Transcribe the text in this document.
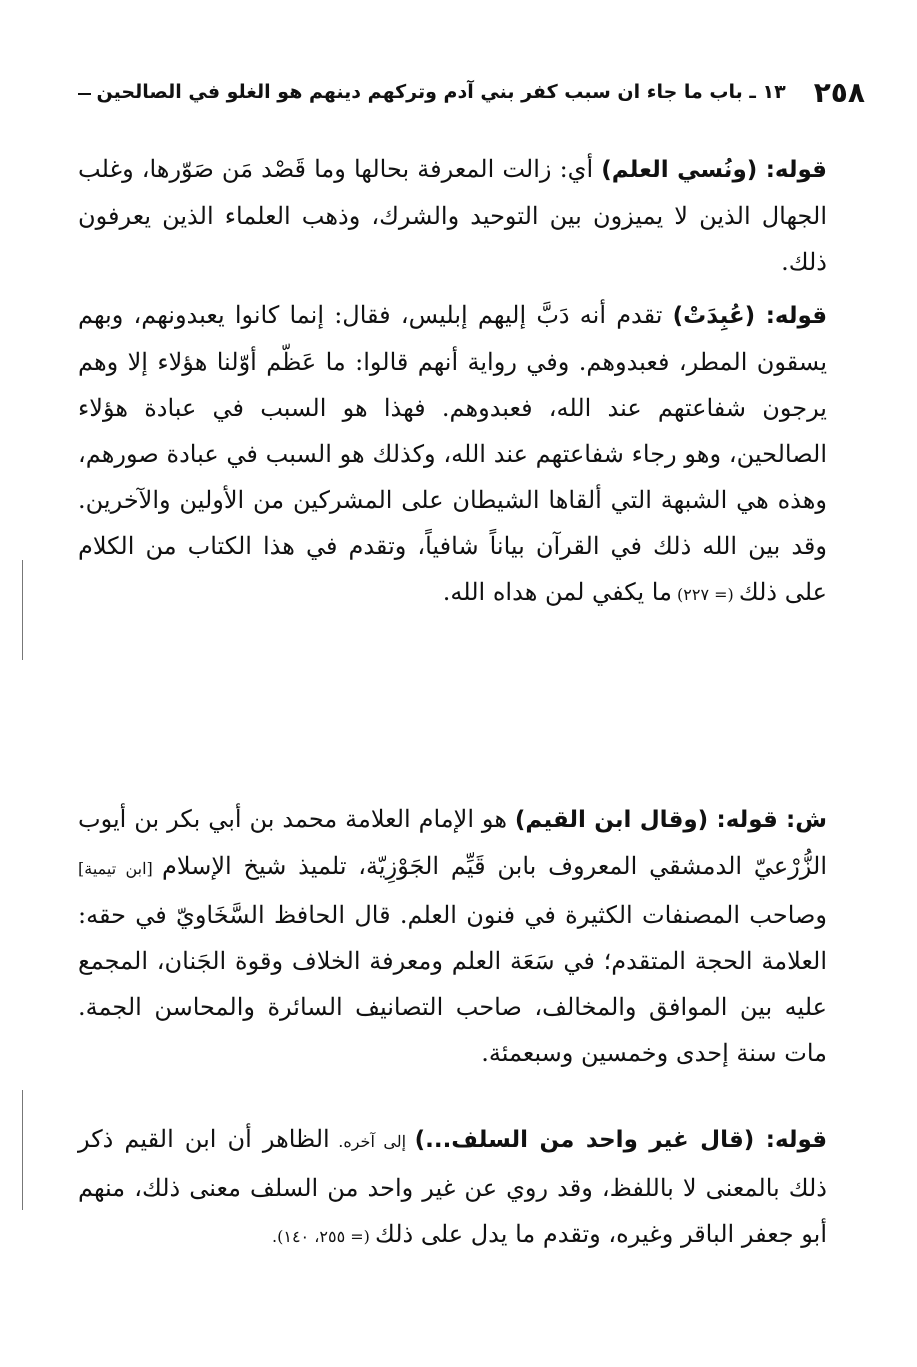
٢٥٨
١٣ ـ باب ما جاء ان سبب كفر بني آدم وتركهم دينهم هو الغلو في الصالحين

قوله: (ونُسي العلم) أي: زالت المعرفة بحالها وما قَصْد مَن صَوّرها، وغلب الجهال الذين لا يميزون بين التوحيد والشرك، وذهب العلماء الذين يعرفون ذلك.

قوله: (عُبِدَتْ) تقدم أنه دَبَّ إليهم إبليس، فقال: إنما كانوا يعبدونهم، وبهم يسقون المطر، فعبدوهم. وفي رواية أنهم قالوا: ما عَظّم أوّلنا هؤلاء إلا وهم يرجون شفاعتهم عند الله، فعبدوهم. فهذا هو السبب في عبادة هؤلاء الصالحين، وهو رجاء شفاعتهم عند الله، وكذلك هو السبب في عبادة صورهم، وهذه هي الشبهة التي ألقاها الشيطان على المشركين من الأولين والآخرين. وقد بين الله ذلك في القرآن بياناً شافياً، وتقدم في هذا الكتاب من الكلام على ذلك (= ٢٢٧) ما يكفي لمن هداه الله.

ش: قوله: (وقال ابن القيم) هو الإمام العلامة محمد بن أبي بكر بن أيوب الزُّرْعيّ الدمشقي المعروف بابن قَيِّم الجَوْزِيّة، تلميذ شيخ الإسلام [ابن تيمية] وصاحب المصنفات الكثيرة في فنون العلم. قال الحافظ السَّخَاويّ في حقه: العلامة الحجة المتقدم؛ في سَعَة العلم ومعرفة الخلاف وقوة الجَنان، المجمع عليه بين الموافق والمخالف، صاحب التصانيف السائرة والمحاسن الجمة. مات سنة إحدى وخمسين وسبعمئة.

قوله: (قال غير واحد من السلف...) إلى آخره. الظاهر أن ابن القيم ذكر ذلك بالمعنى لا باللفظ، وقد روي عن غير واحد من السلف معنى ذلك، منهم أبو جعفر الباقر وغيره، وتقدم ما يدل على ذلك (= ٢٥٥، ١٤٠).
